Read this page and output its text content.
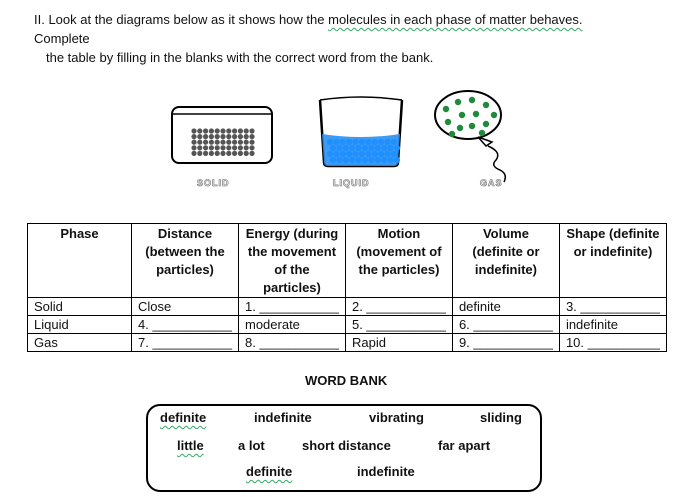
II. Look at the diagrams below as it shows how the molecules in each phase of matter behaves.
Complete

the table by filling in the blanks with the correct word from the bank.
SOLID	LIQUID	GAS
Phase	Distance (between the particles)	Energy (during the movement of the particles)	Motion (movement of the particles)	Volume (definite or indefinite)	Shape (definite or indefinite)
Solid	Close	1. ___________	2. ___________	definite	3. ___________
Liquid	4. ___________	moderate	5. ___________	6. ___________	indefinite
Gas	7. ___________	8. ___________	Rapid	9. ___________	10. __________
WORD BANK
definite	indefinite	vibrating	sliding
little	a lot	short distance	far apart
definite	indefinite
